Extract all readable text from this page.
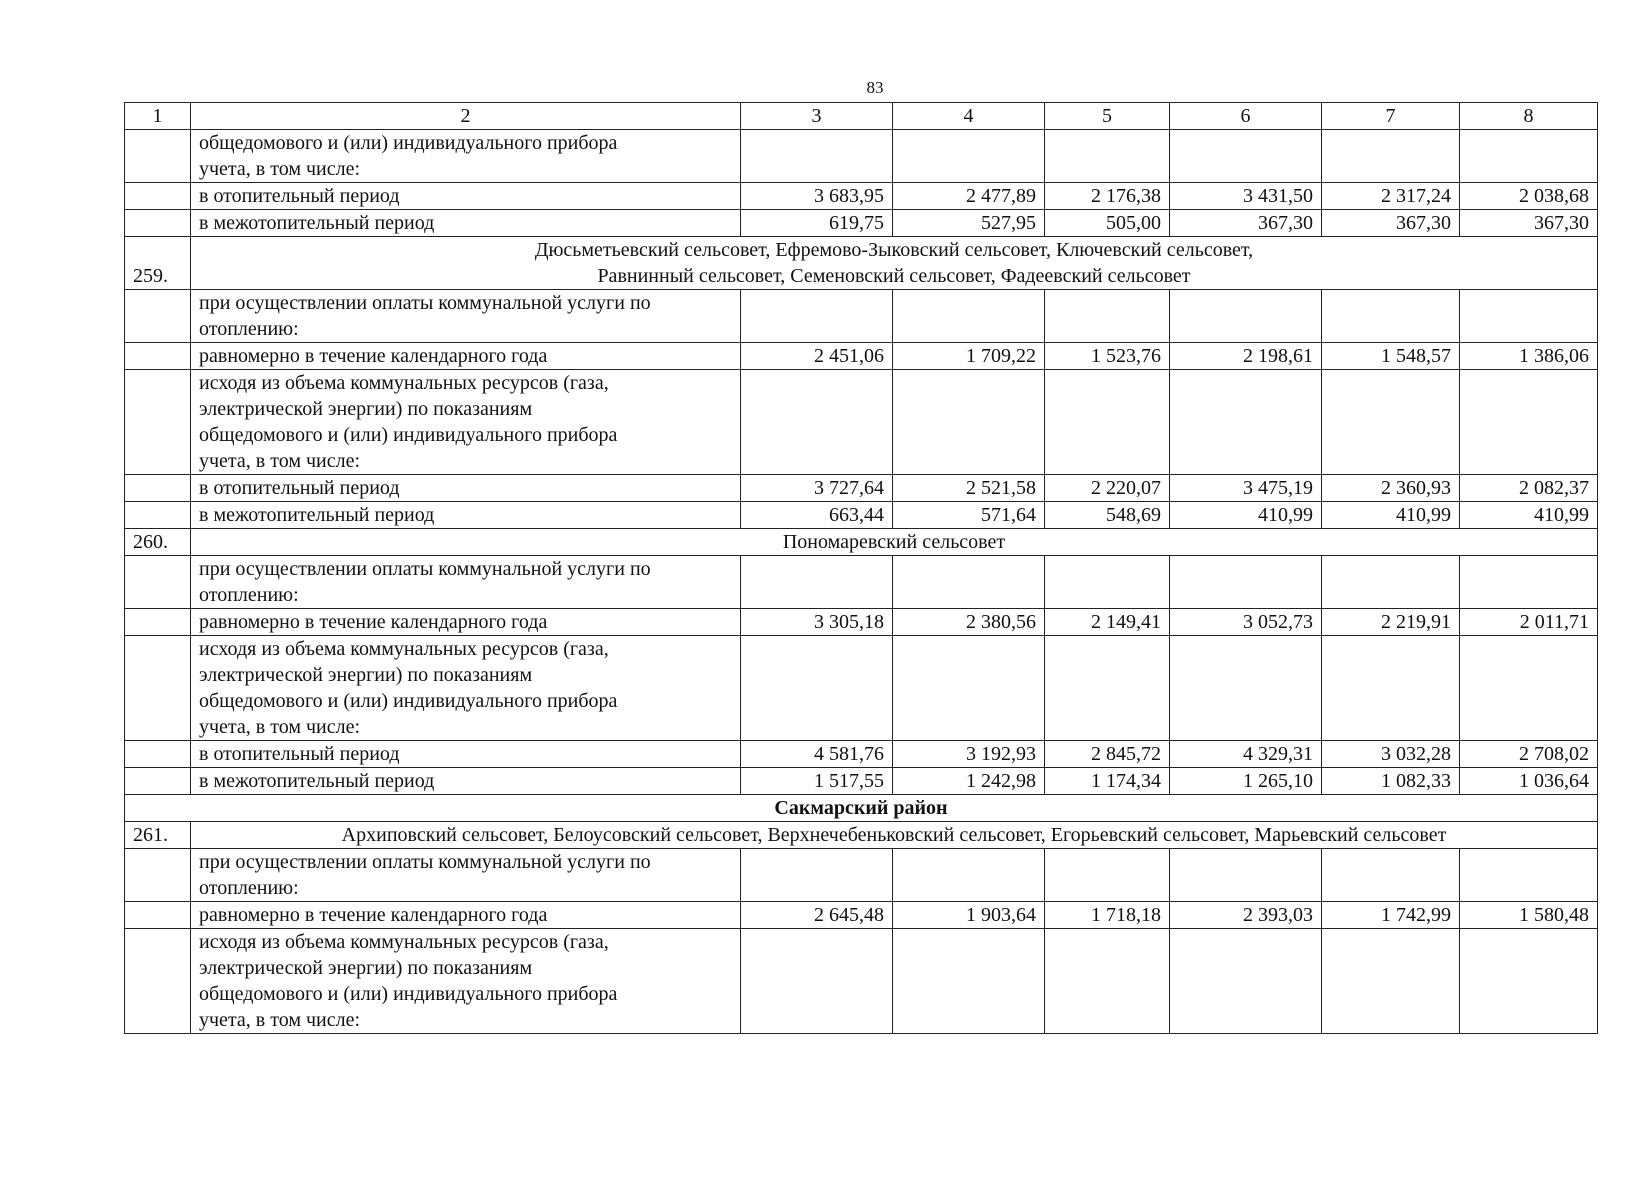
83
1	2	3	4	5	6	7	8

	общедомового и (или) индивидуального прибора
учета, в том числе:						

	в отопительный период	3 683,95	2 477,89	2 176,38	3 431,50	2 317,24	2 038,68

	в межотопительный период	619,75	527,95	505,00	367,30	367,30	367,30
259.	Дюсьметьевский сельсовет, Ефремово-Зыковский сельсовет, Ключевский сельсовет,
Равнинный сельсовет, Семеновский сельсовет, Фадеевский сельсовет						

	при осуществлении оплаты коммунальной услуги по
отоплению:						

	равномерно в течение календарного года	2 451,06	1 709,22	1 523,76	2 198,61	1 548,57	1 386,06

	исходя из объема коммунальных ресурсов (газа,
электрической энергии) по показаниям
общедомового и (или) индивидуального прибора
учета, в том числе:						

	в отопительный период	3 727,64	2 521,58	2 220,07	3 475,19	2 360,93	2 082,37

	в межотопительный период	663,44	571,64	548,69	410,99	410,99	410,99
260.	Пономаревский сельсовет						

	при осуществлении оплаты коммунальной услуги по
отоплению:						

	равномерно в течение календарного года	3 305,18	2 380,56	2 149,41	3 052,73	2 219,91	2 011,71

	исходя из объема коммунальных ресурсов (газа,
электрической энергии) по показаниям
общедомового и (или) индивидуального прибора
учета, в том числе:						

	в отопительный период	4 581,76	3 192,93	2 845,72	4 329,31	3 032,28	2 708,02

	в межотопительный период	1 517,55	1 242,98	1 174,34	1 265,10	1 082,33	1 036,64
Сакмарский район							
261.	Архиповский сельсовет, Белоусовский сельсовет, Верхнечебеньковский сельсовет, Егорьевский сельсовет, Марьевский сельсовет						

	при осуществлении оплаты коммунальной услуги по
отоплению:						

	равномерно в течение календарного года	2 645,48	1 903,64	1 718,18	2 393,03	1 742,99	1 580,48

	исходя из объема коммунальных ресурсов (газа,
электрической энергии) по показаниям
общедомового и (или) индивидуального прибора
учета, в том числе:						
